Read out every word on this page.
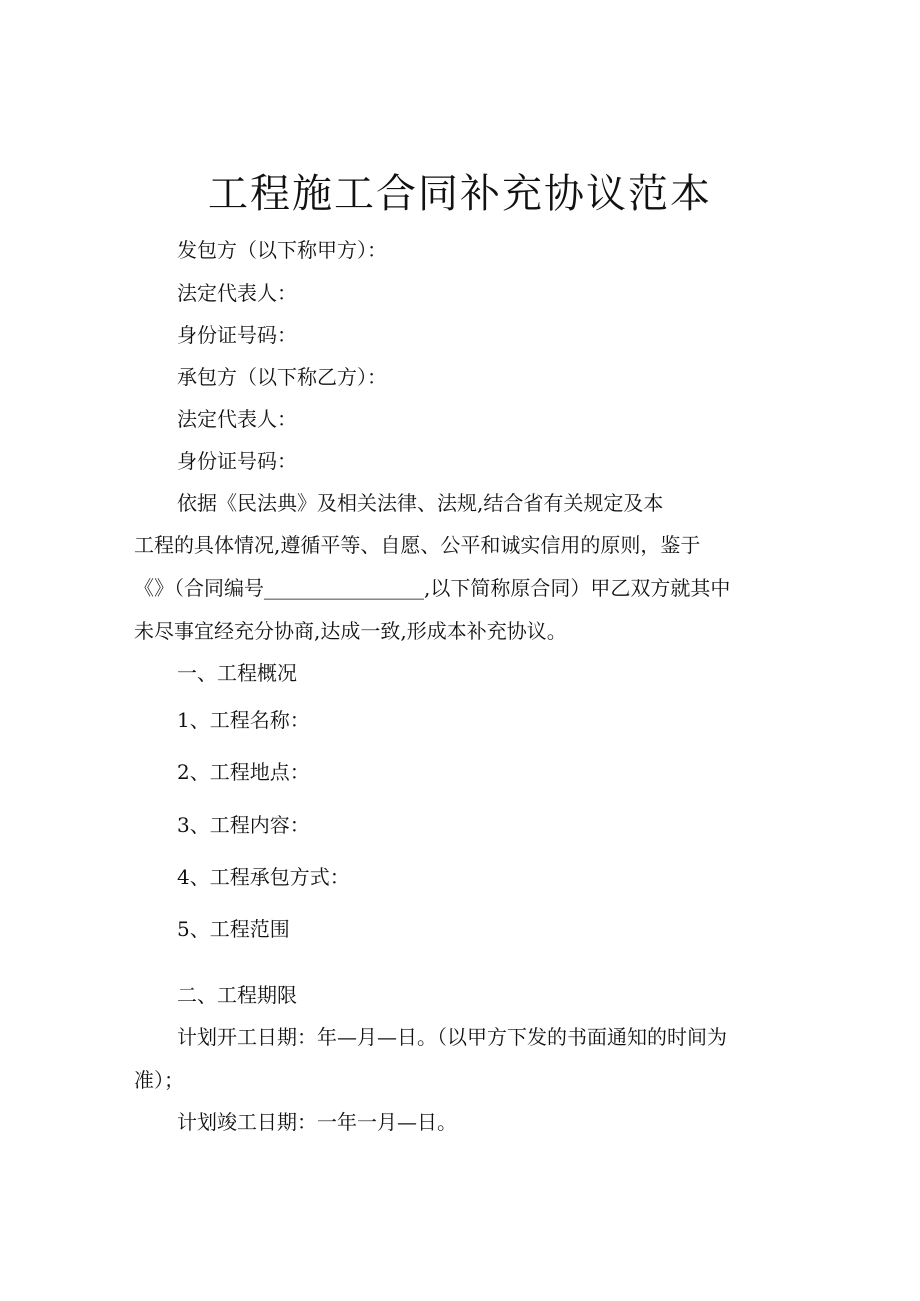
工程施工合同补充协议范本

发包方（以下称甲方）：

法定代表人：

身份证号码：

承包方（以下称乙方）：

法定代表人：

身份证号码：

依据《民法典》及相关法律、法规,结合省有关规定及本

工程的具体情况,遵循平等、自愿、公平和诚实信用的原则，鉴于

《》（合同编号________________,以下简称原合同）甲乙双方就其中

未尽事宜经充分协商,达成一致,形成本补充协议。

一、工程概况

1、工程名称：

2、工程地点：

3、工程内容：

4、工程承包方式：

5、工程范围

二、工程期限

计划开工日期：年—月—日。（以甲方下发的书面通知的时间为

准）；

计划竣工日期：一年一月—日。
